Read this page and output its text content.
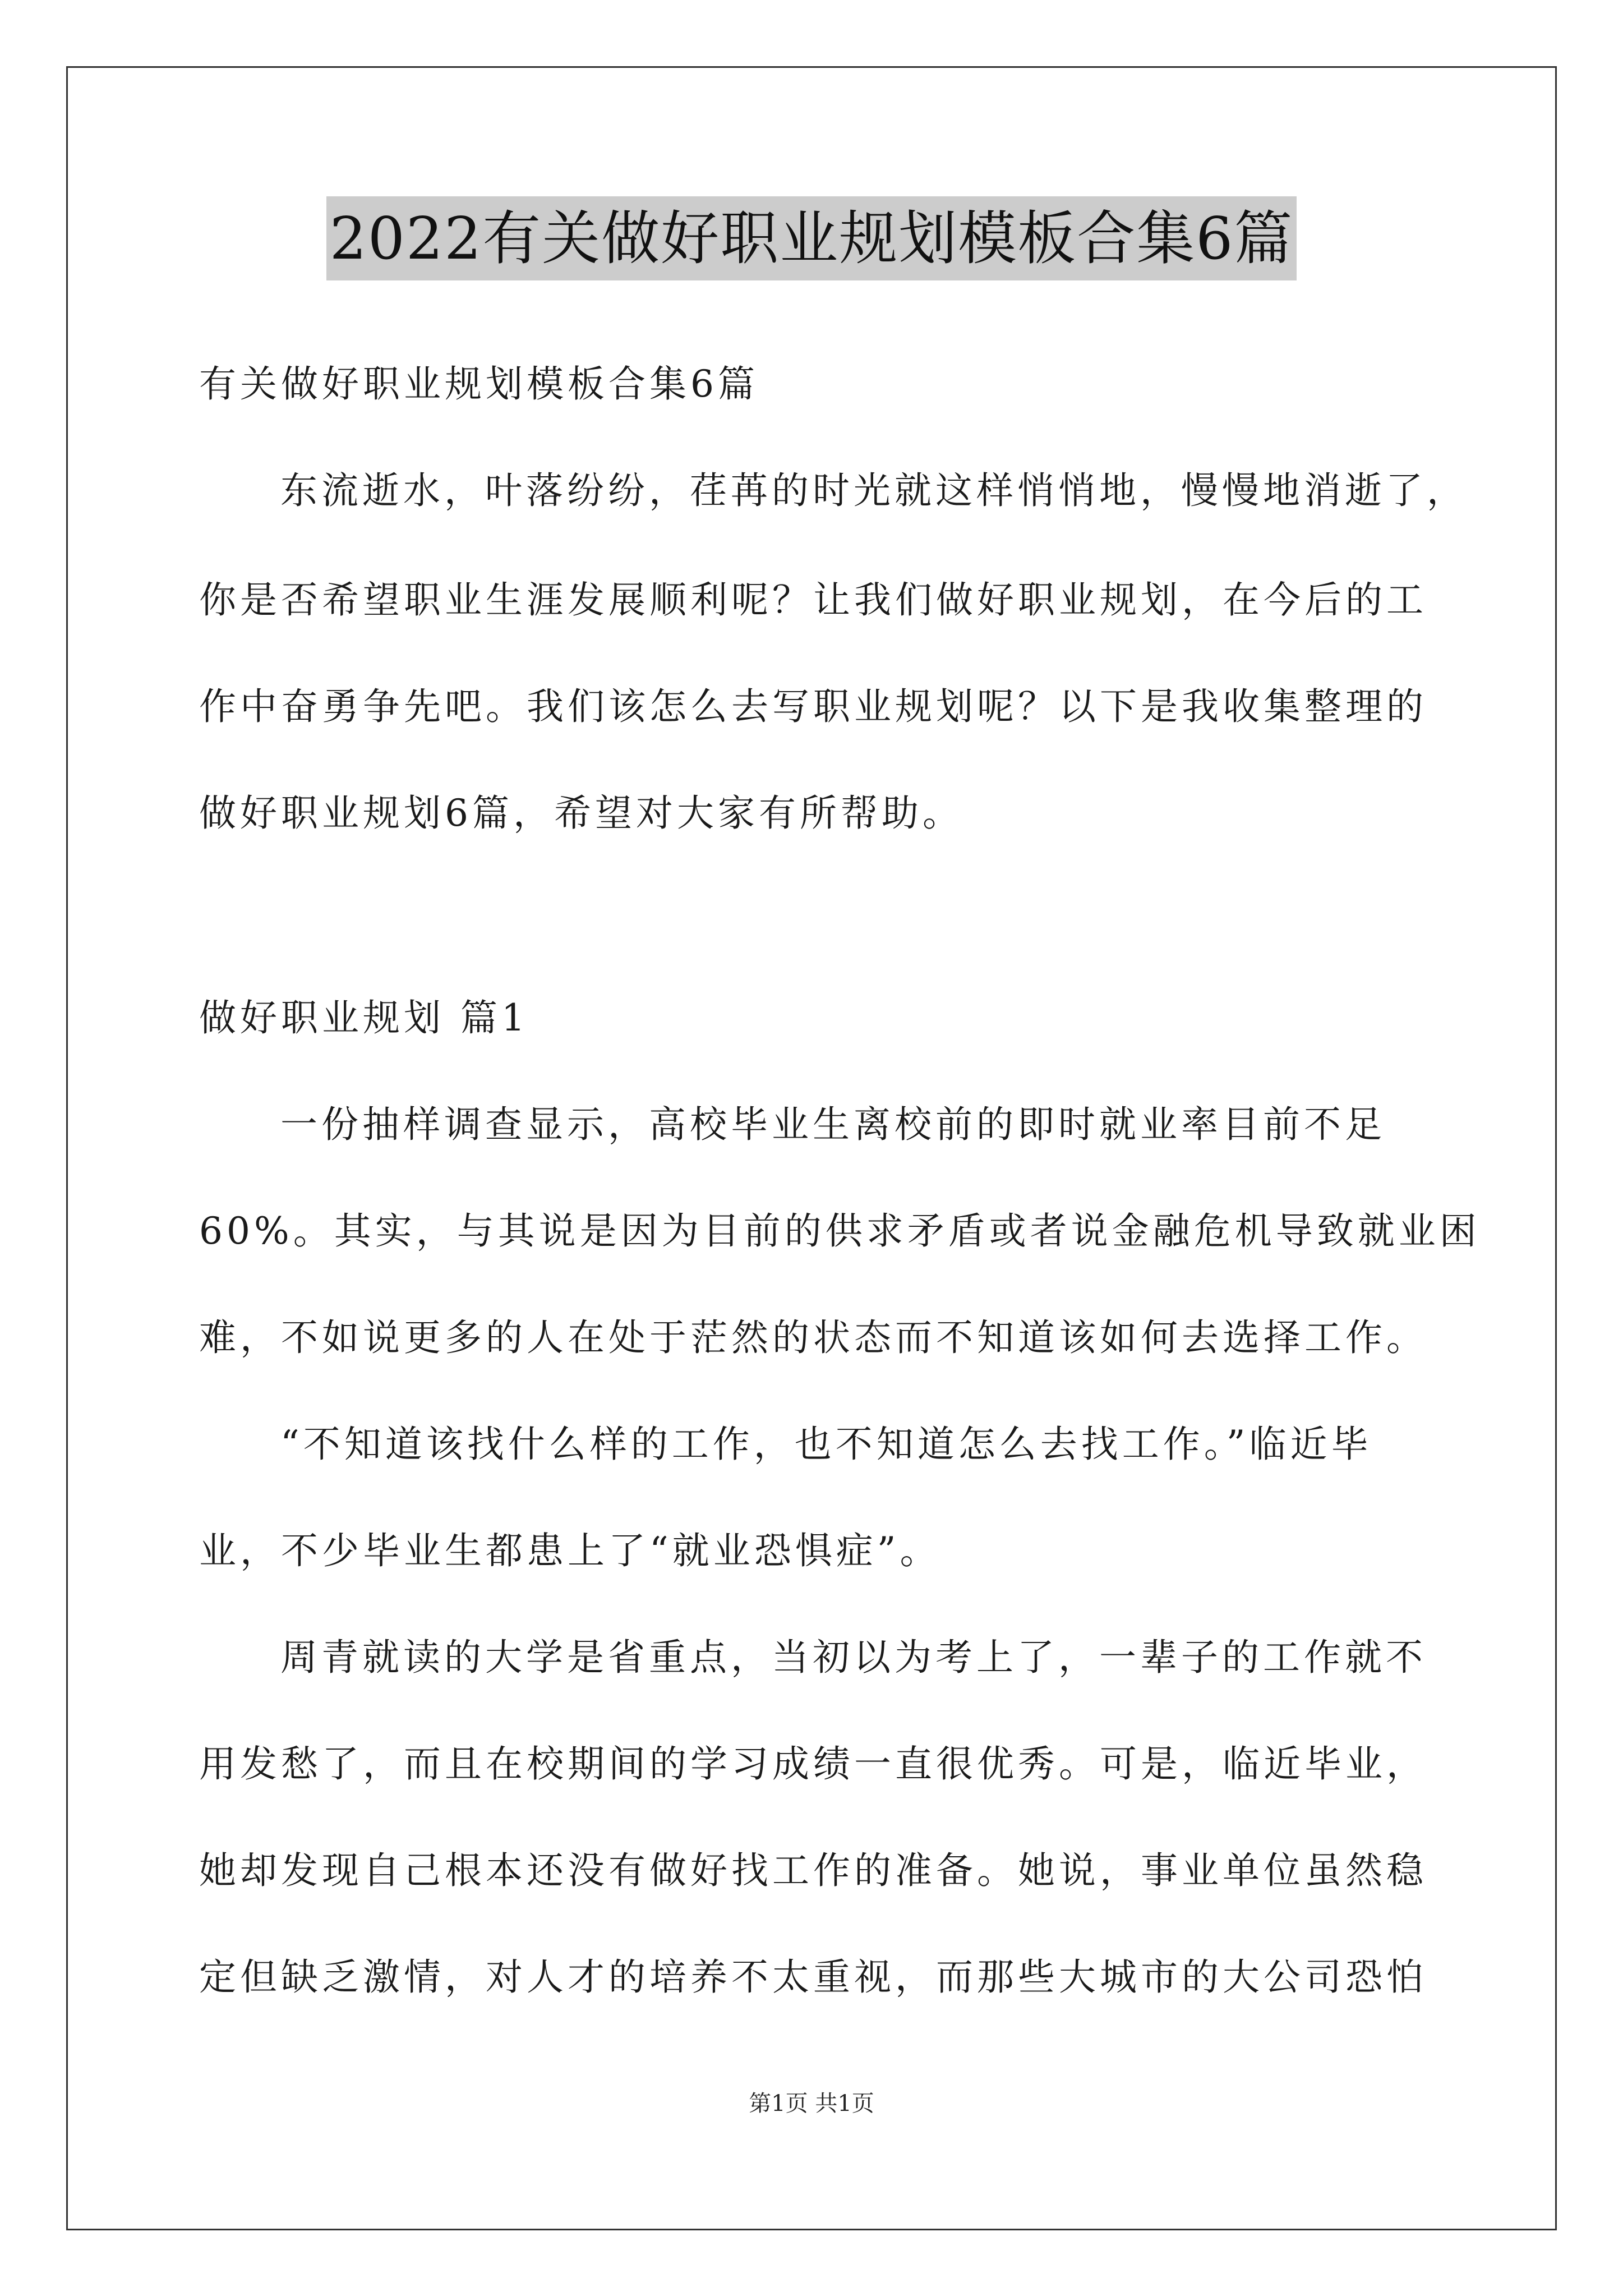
2022有关做好职业规划模板合集6篇
有关做好职业规划模板合集6篇
东流逝水，叶落纷纷，荏苒的时光就这样悄悄地，慢慢地消逝了，
你是否希望职业生涯发展顺利呢？让我们做好职业规划，在今后的工
作中奋勇争先吧。我们该怎么去写职业规划呢？以下是我收集整理的
做好职业规划6篇，希望对大家有所帮助。
做好职业规划 篇1
一份抽样调查显示，高校毕业生离校前的即时就业率目前不足
60%。其实，与其说是因为目前的供求矛盾或者说金融危机导致就业困
难，不如说更多的人在处于茫然的状态而不知道该如何去选择工作。
“不知道该找什么样的工作，也不知道怎么去找工作。”临近毕
业，不少毕业生都患上了“就业恐惧症”。
周青就读的大学是省重点，当初以为考上了，一辈子的工作就不
用发愁了，而且在校期间的学习成绩一直很优秀。可是，临近毕业，
她却发现自己根本还没有做好找工作的准备。她说，事业单位虽然稳
定但缺乏激情，对人才的培养不太重视，而那些大城市的大公司恐怕
第1页 共1页
